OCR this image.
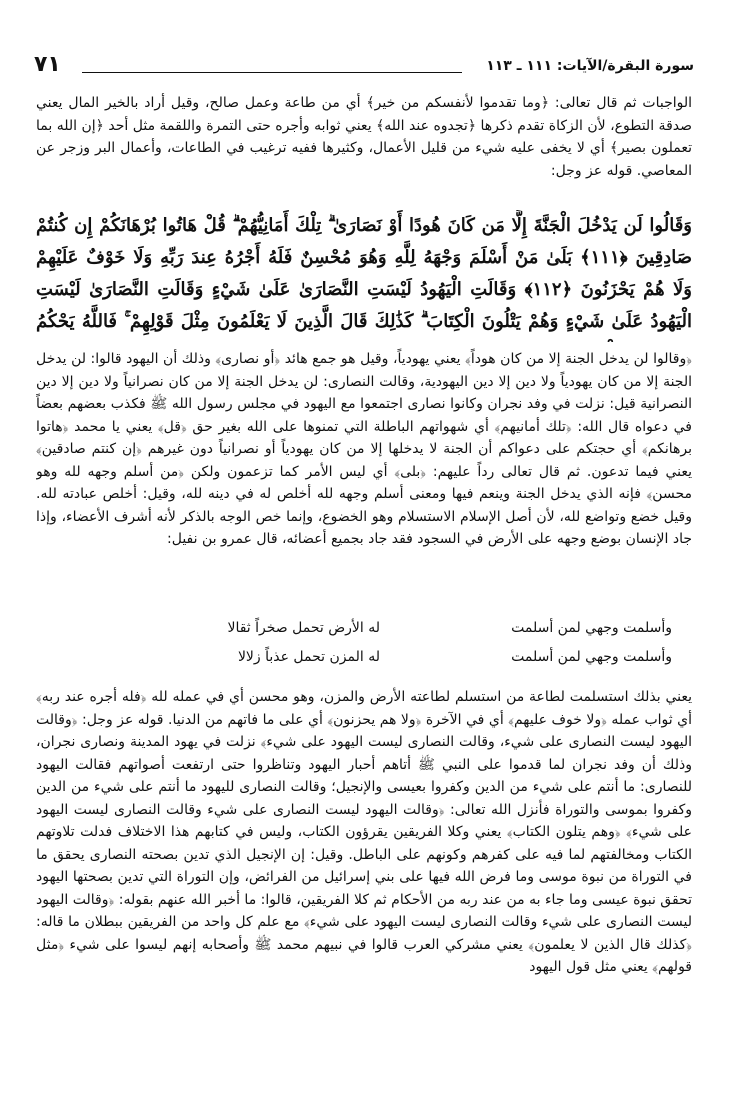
سورة البقرة/الآيات: ١١١ ـ ١١٣
٧١

الواجبات ثم قال تعالى: ﴿وما تقدموا لأنفسكم من خير﴾ أي من طاعة وعمل صالح، وقيل أراد بالخير المال يعني صدقة التطوع، لأن الزكاة تقدم ذكرها ﴿تجدوه عند الله﴾ يعني ثوابه وأجره حتى التمرة واللقمة مثل أحد ﴿إن الله بما تعملون بصير﴾ أي لا يخفى عليه شيء من قليل الأعمال، وكثيرها ففيه ترغيب في الطاعات، وأعمال البر وزجر عن المعاصي. قوله عز وجل:

وَقَالُوا لَن يَدْخُلَ الْجَنَّةَ إِلَّا مَن كَانَ هُودًا أَوْ نَصَارَىٰ ۗ تِلْكَ أَمَانِيُّهُمْ ۗ قُلْ هَاتُوا بُرْهَانَكُمْ إِن كُنتُمْ صَادِقِينَ ﴿١١١﴾ بَلَىٰ مَنْ أَسْلَمَ وَجْهَهُ لِلَّهِ وَهُوَ مُحْسِنٌ فَلَهُ أَجْرُهُ عِندَ رَبِّهِ وَلَا خَوْفٌ عَلَيْهِمْ وَلَا هُمْ يَحْزَنُونَ ﴿١١٢﴾ وَقَالَتِ الْيَهُودُ لَيْسَتِ النَّصَارَىٰ عَلَىٰ شَيْءٍ وَقَالَتِ النَّصَارَىٰ لَيْسَتِ الْيَهُودُ عَلَىٰ شَيْءٍ وَهُمْ يَتْلُونَ الْكِتَابَ ۗ كَذَٰلِكَ قَالَ الَّذِينَ لَا يَعْلَمُونَ مِثْلَ قَوْلِهِمْ ۚ فَاللَّهُ يَحْكُمُ

﴿وقالوا لن يدخل الجنة إلا من كان هوداً﴾ يعني يهودياً، وقيل هو جمع هائد ﴿أو نصارى﴾ وذلك أن اليهود قالوا: لن يدخل الجنة إلا من كان يهودياً ولا دين إلا دين اليهودية، وقالت النصارى: لن يدخل الجنة إلا من كان نصرانياً ولا دين إلا دين النصرانية قيل: نزلت في وفد نجران وكانوا نصارى اجتمعوا مع اليهود في مجلس رسول الله ﷺ فكذب بعضهم بعضاً في دعواه قال الله: ﴿تلك أمانيهم﴾ أي شهواتهم الباطلة التي تمنوها على الله بغير حق ﴿قل﴾ يعني يا محمد ﴿هاتوا برهانكم﴾ أي حجتكم على دعواكم أن الجنة لا يدخلها إلا من كان يهودياً أو نصرانياً دون غيرهم ﴿إن كنتم صادقين﴾ يعني فيما تدعون. ثم قال تعالى رداً عليهم: ﴿بلى﴾ أي ليس الأمر كما تزعمون ولكن ﴿من أسلم وجهه لله وهو محسن﴾ فإنه الذي يدخل الجنة وينعم فيها ومعنى أسلم وجهه لله أخلص له في دينه لله، وقيل: أخلص عبادته لله. وقيل خضع وتواضع لله، لأن أصل الإسلام الاستسلام وهو الخضوع، وإنما خص الوجه بالذكر لأنه أشرف الأعضاء، وإذا جاد الإنسان بوضع وجهه على الأرض في السجود فقد جاد بجميع أعضائه، قال عمرو بن نفيل:

وأسلمت وجهي لمن أسلمت
له الأرض تحمل صخراً ثقالا
وأسلمت وجهي لمن أسلمت
له المزن تحمل عذباً زلالا

يعني بذلك استسلمت لطاعة من استسلم لطاعته الأرض والمزن، وهو محسن أي في عمله لله ﴿فله أجره عند ربه﴾ أي ثواب عمله ﴿ولا خوف عليهم﴾ أي في الآخرة ﴿ولا هم يحزنون﴾ أي على ما فاتهم من الدنيا. قوله عز وجل: ﴿وقالت اليهود ليست النصارى على شيء، وقالت النصارى ليست اليهود على شيء﴾ نزلت في يهود المدينة ونصارى نجران، وذلك أن وفد نجران لما قدموا على النبي ﷺ أتاهم أحبار اليهود وتناظروا حتى ارتفعت أصواتهم فقالت اليهود للنصارى: ما أنتم على شيء من الدين وكفروا بعيسى والإنجيل؛ وقالت النصارى لليهود ما أنتم على شيء من الدين وكفروا بموسى والتوراة فأنزل الله تعالى: ﴿وقالت اليهود ليست النصارى على شيء وقالت النصارى ليست اليهود على شيء﴾ ﴿وهم يتلون الكتاب﴾ يعني وكلا الفريقين يقرؤون الكتاب، وليس في كتابهم هذا الاختلاف فدلت تلاوتهم الكتاب ومخالفتهم لما فيه على كفرهم وكونهم على الباطل. وقيل: إن الإنجيل الذي تدين بصحته النصارى يحقق ما في التوراة من نبوة موسى وما فرض الله فيها على بني إسرائيل من الفرائض، وإن التوراة التي تدين بصحتها اليهود تحقق نبوة عيسى وما جاء به من عند ربه من الأحكام ثم كلا الفريقين، قالوا: ما أخبر الله عنهم بقوله: ﴿وقالت اليهود ليست النصارى على شيء وقالت النصارى ليست اليهود على شيء﴾ مع علم كل واحد من الفريقين ببطلان ما قاله: ﴿كذلك قال الذين لا يعلمون﴾ يعني مشركي العرب قالوا في نبيهم محمد ﷺ وأصحابه إنهم ليسوا على شيء ﴿مثل قولهم﴾ يعني مثل قول اليهود
